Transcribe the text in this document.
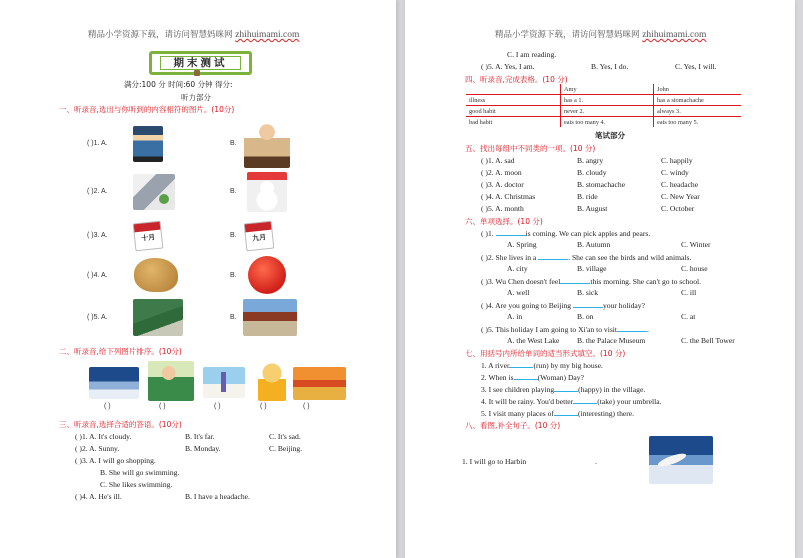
精品小学资源下载，请访问智慧妈咪网 zhihuimami.com
期末测试
满分:100 分 时间:60 分钟 得分:
听力部分
一、听录音,选出与你听到的内容相符的图片。(10分)
( )1. A.	B.
( )2. A.	B.
( )3. A.	十月	B.	九月
( )4. A.	B.
( )5. A.	B.
二、听录音,给下列图片排序。(10分)
( )	( )	( )	( )	( )
三、听录音,选择合适的答语。(10分)
( )1. A. It's cloudy.	B. It's far.	C. It's sad.
( )2. A. Sunny.	B. Monday.	C. Beijing.
( )3. A. I will go shopping.
B. She will go swimming.
C. She likes swimming.
( )4. A. He's ill.	B. I have a headache.
精品小学资源下载，请访问智慧妈咪网 zhihuimami.com
C. I am reading.
( )5. A. Yes, I am.	B. Yes, I do.	C. Yes, I will.
四、听录音,完成表格。(10 分)
	Amy	John
illness	has a 1.	has a stomachache
good habit	never 2.	always 3.
bad habit	eats too many 4.	eats too many 5.
笔试部分
五、找出每组中不同类的一项。(10 分)
( )1. A. sad	B. angry	C. happily
( )2. A. moon	B. cloudy	C. windy
( )3. A. doctor	B. stomachache	C. headache
( )4. A. Christmas	B. ride	C. New Year
( )5. A. month	B. August	C. October
六、单项选择。(10 分)
( )1.	is coming. We can pick apples and pears.
A. Spring	B. Autumn	C. Winter
( )2. She lives in a	. She can see the birds and wild animals.
A. city	B. village	C. house
( )3. Wu Chen doesn't feel	this morning. She can't go to school.
A. well	B. sick	C. ill
( )4. Are you going to Beijing	your holiday?
A. in	B. on	C. at
( )5. This holiday I am going to Xi'an to visit	.
A. the West Lake B. the Palace Museum	C. the Bell Tower
七、用括号内所给单词的适当形式填空。(10 分)
1. A river	(run) by my big house.
2. When is	(Woman) Day?
3. I see children playing	(happy) in the village.
4. It will be rainy. You'd better	(take) your umbrella.
5. I visit many places of	(interesting) there.
八、看图,补全句子。(10 分)
1. I will go to Harbin	.
